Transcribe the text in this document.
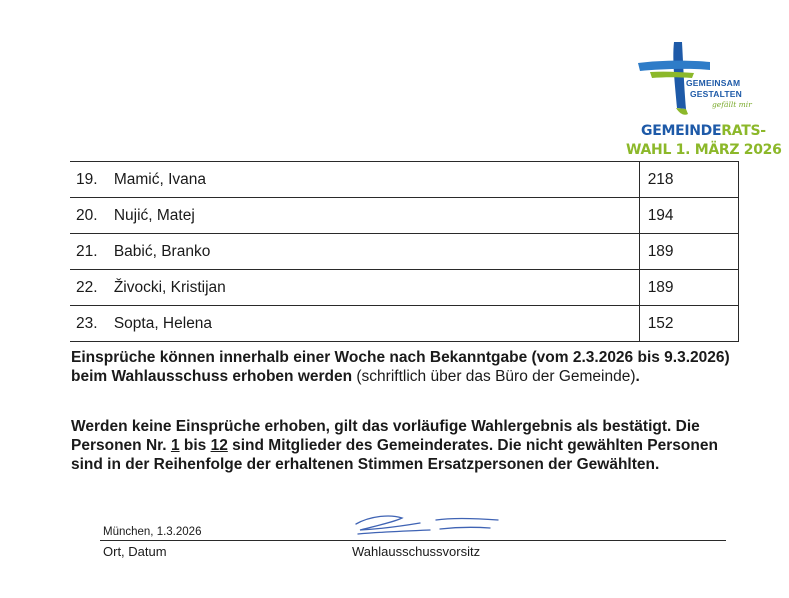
GEMEINSAM
GESTALTEN
gefällt mir
GEMEINDERATS-
WAHL 1. MÄRZ 2026
19.	Mamić, Ivana	218
20.	Nujić, Matej	194
21.	Babić, Branko	189
22.	Živocki, Kristijan	189
23.	Sopta, Helena	152

Einsprüche können innerhalb einer Woche nach Bekanntgabe (vom 2.3.2026 bis 9.3.2026) beim Wahlausschuss erhoben werden (schriftlich über das Büro der Gemeinde).

Werden keine Einsprüche erhoben, gilt das vorläufige Wahlergebnis als bestätigt. Die Personen Nr. 1 bis 12 sind Mitglieder des Gemeinderates. Die nicht gewählten Personen sind in der Reihenfolge der erhaltenen Stimmen Ersatzpersonen der Gewählten.

München, 1.3.2026
Ort, Datum	Wahlausschussvorsitz
